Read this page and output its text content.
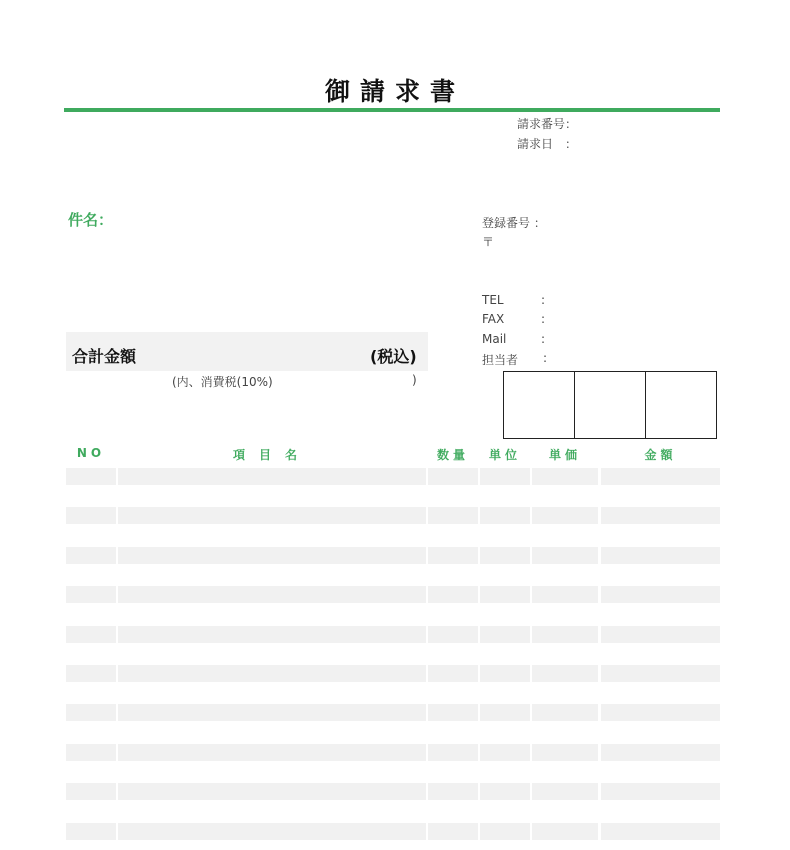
御請求書
請求番号：
請求日　：
件名：	登録番号 ：
〒
TEL	:
FAX	:
Mail	:
担当者 :
合計金額	(税込)
(内、消費税(10%)	)
NO	項目名	数量	単位	単価	金額
